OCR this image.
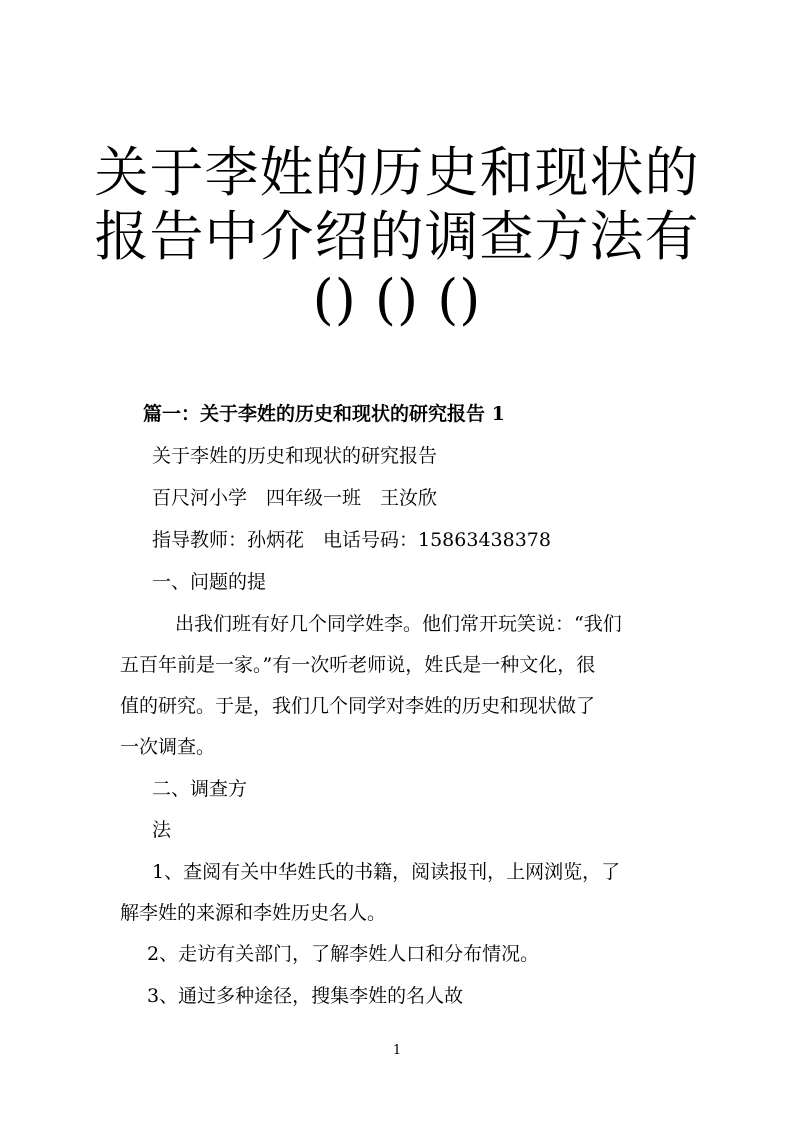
关于李姓的历史和现状的
报告中介绍的调查方法有
() () ()
篇一：关于李姓的历史和现状的研究报告 1
关于李姓的历史和现状的研究报告
百尺河小学　四年级一班　王汝欣
指导教师：孙炳花　电话号码：15863438378
一、问题的提
出我们班有好几个同学姓李。他们常开玩笑说：“我们
五百年前是一家。”有一次听老师说，姓氏是一种文化，很
值的研究。于是，我们几个同学对李姓的历史和现状做了
一次调查。
二、调查方
法
1、查阅有关中华姓氏的书籍，阅读报刊，上网浏览，了
解李姓的来源和李姓历史名人。
2、走访有关部门，了解李姓人口和分布情况。
3、通过多种途径，搜集李姓的名人故
1
